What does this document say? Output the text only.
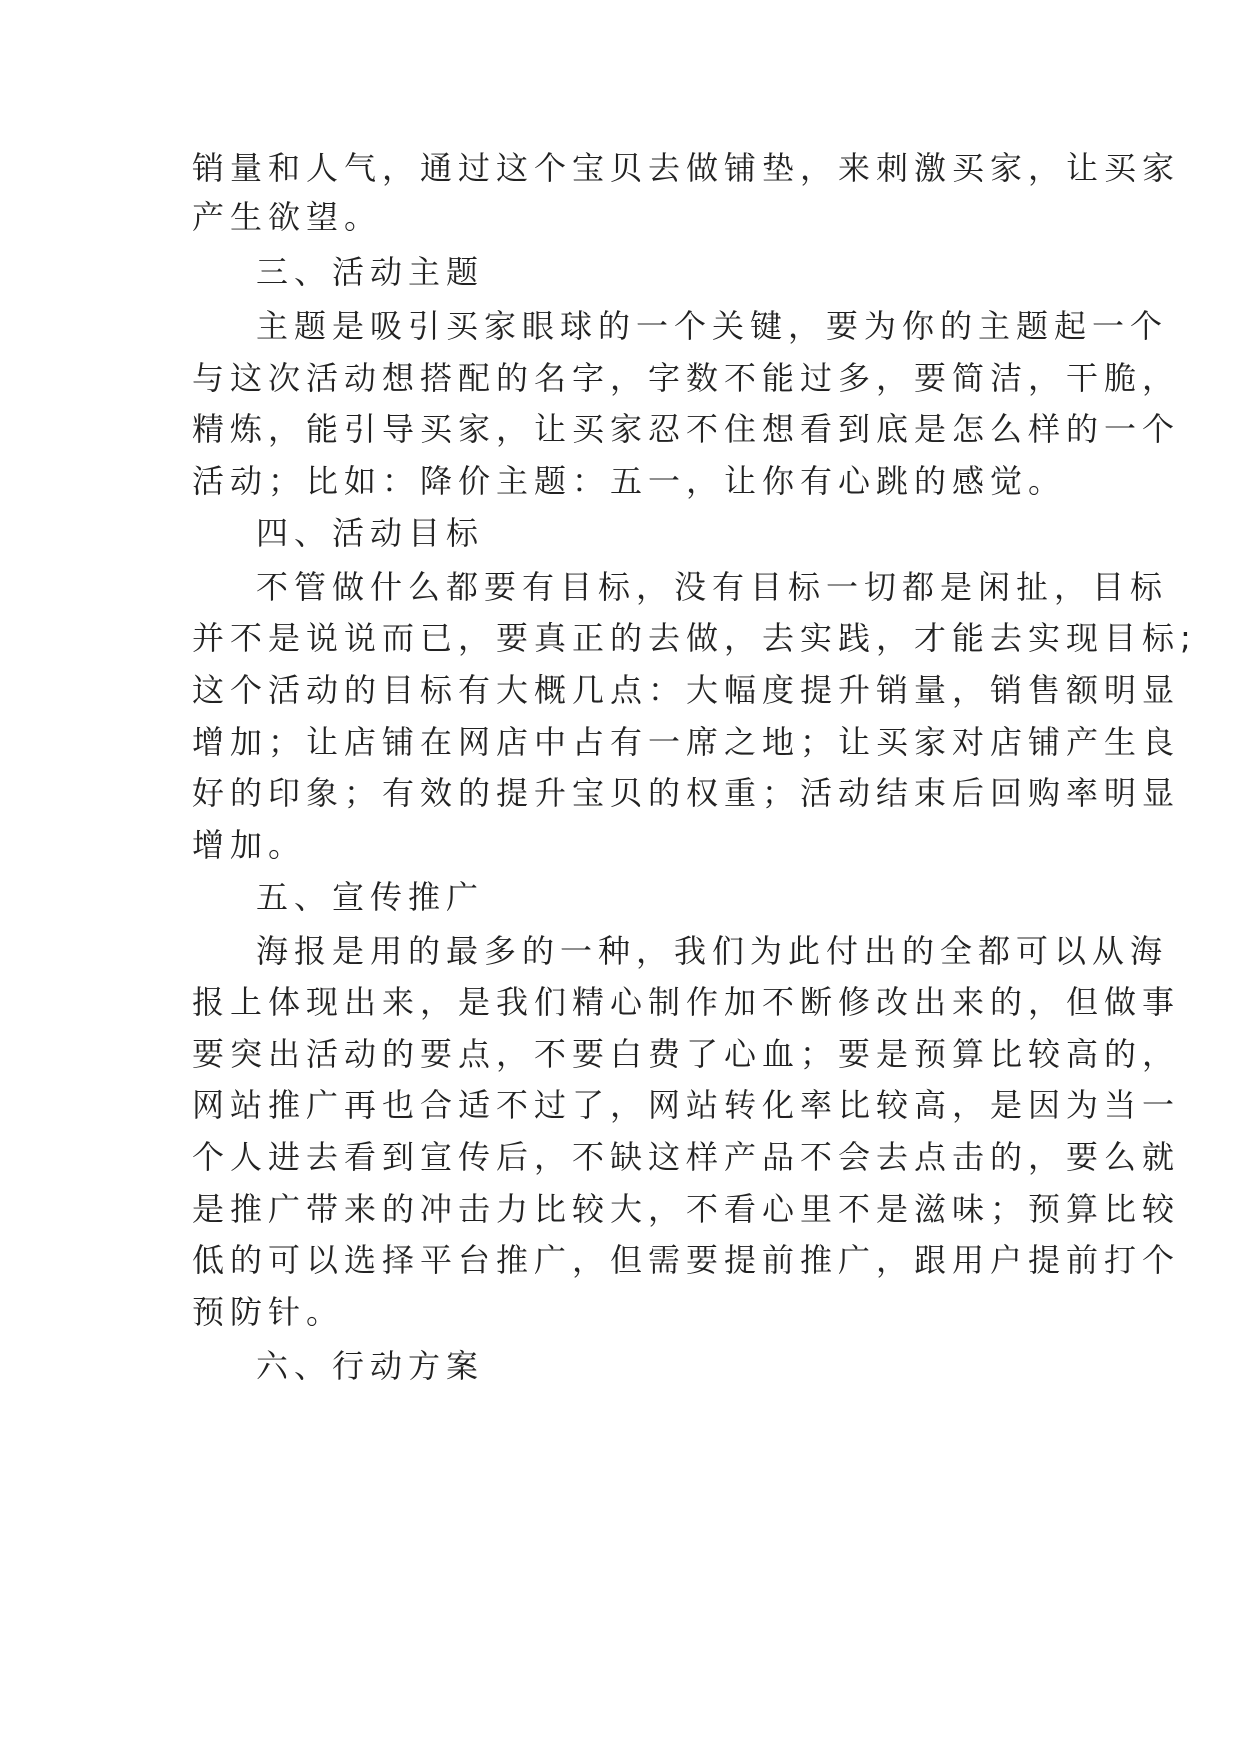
销量和人气，通过这个宝贝去做铺垫，来刺激买家，让买家
产生欲望。
三、活动主题
主题是吸引买家眼球的一个关键，要为你的主题起一个
与这次活动想搭配的名字，字数不能过多，要简洁，干脆，
精炼，能引导买家，让买家忍不住想看到底是怎么样的一个
活动；比如：降价主题：五一，让你有心跳的感觉。
四、活动目标
不管做什么都要有目标，没有目标一切都是闲扯，目标
并不是说说而已，要真正的去做，去实践，才能去实现目标;
这个活动的目标有大概几点：大幅度提升销量，销售额明显
增加；让店铺在网店中占有一席之地；让买家对店铺产生良
好的印象；有效的提升宝贝的权重；活动结束后回购率明显
增加。
五、宣传推广
海报是用的最多的一种，我们为此付出的全都可以从海
报上体现出来，是我们精心制作加不断修改出来的，但做事
要突出活动的要点，不要白费了心血；要是预算比较高的，
网站推广再也合适不过了，网站转化率比较高，是因为当一
个人进去看到宣传后，不缺这样产品不会去点击的，要么就
是推广带来的冲击力比较大，不看心里不是滋味；预算比较
低的可以选择平台推广，但需要提前推广，跟用户提前打个
预防针。
六、行动方案
